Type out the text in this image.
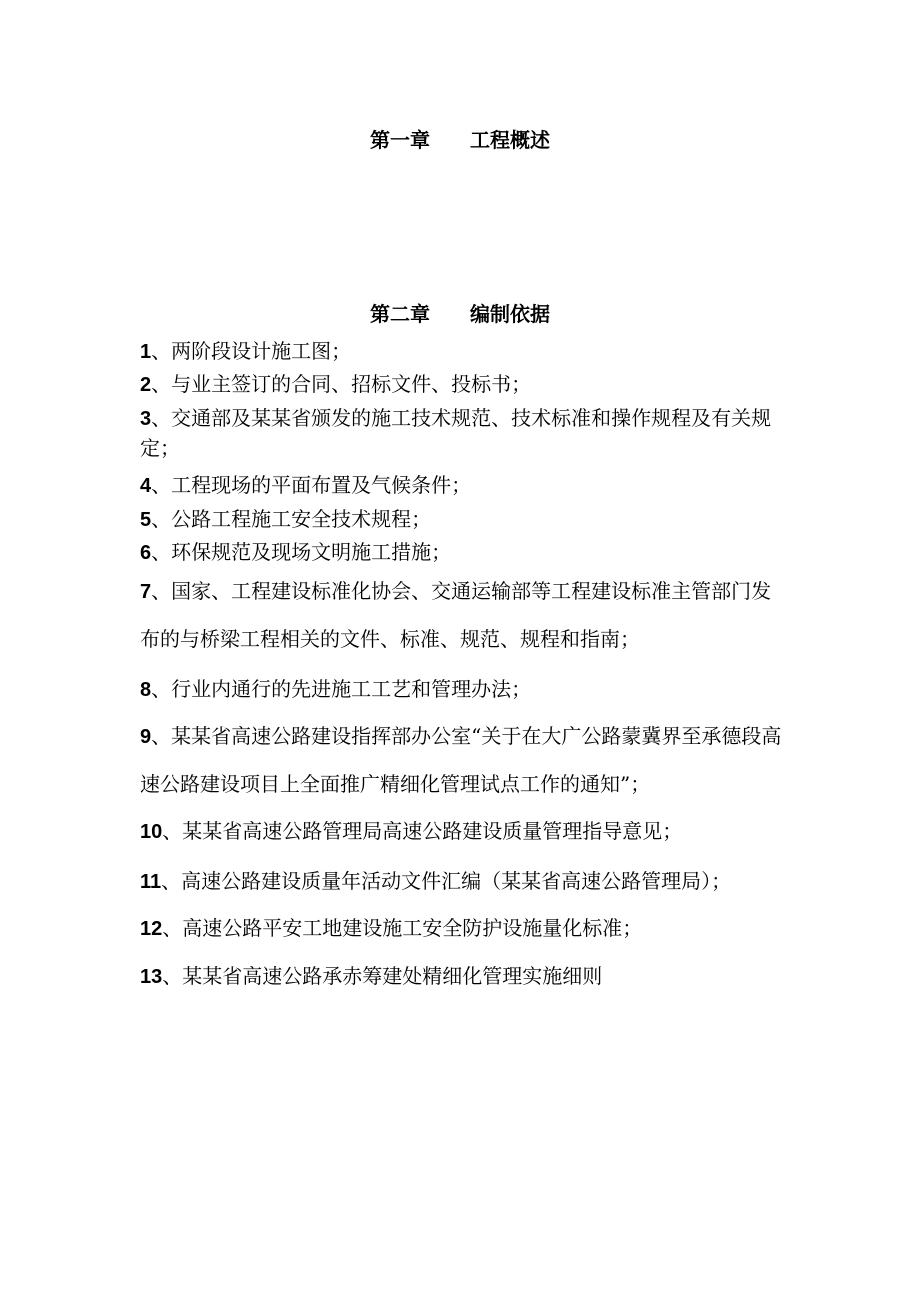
第一章　　工程概述
第二章　　编制依据

1、两阶段设计施工图；

2、与业主签订的合同、招标文件、投标书；

3、交通部及某某省颁发的施工技术规范、技术标准和操作规程及有关规定；

4、工程现场的平面布置及气候条件；

5、公路工程施工安全技术规程；

6、环保规范及现场文明施工措施；

7、国家、工程建设标准化协会、交通运输部等工程建设标准主管部门发布的与桥梁工程相关的文件、标准、规范、规程和指南；

8、行业内通行的先进施工工艺和管理办法；

9、某某省高速公路建设指挥部办公室“关于在大广公路蒙冀界至承德段高速公路建设项目上全面推广精细化管理试点工作的通知”；

10、某某省高速公路管理局高速公路建设质量管理指导意见；

11、高速公路建设质量年活动文件汇编（某某省高速公路管理局）；

12、高速公路平安工地建设施工安全防护设施量化标准；

13、某某省高速公路承赤筹建处精细化管理实施细则
